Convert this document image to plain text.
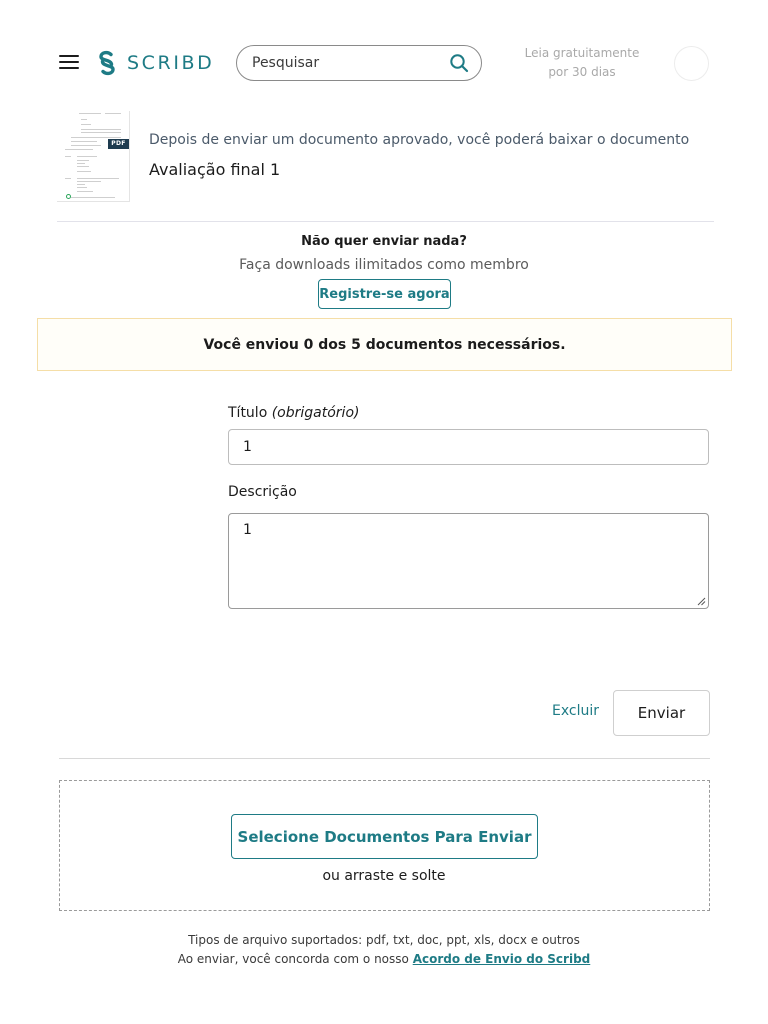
SCRIBD
Pesquisar	Leia gratuitamente
por 30 dias
PDF Depois de enviar um documento aprovado, você poderá baixar o documento
Avaliação final 1
Não quer enviar nada?
Faça downloads ilimitados como membro
Registre-se agora
Você enviou 0 dos 5 documentos necessários.
Título (obrigatório)
1
Descrição
1
Excluir	Enviar
Selecione Documentos Para Enviar
ou arraste e solte
Tipos de arquivo suportados: pdf, txt, doc, ppt, xls, docx e outros
Ao enviar, você concorda com o nosso Acordo de Envio do Scribd
